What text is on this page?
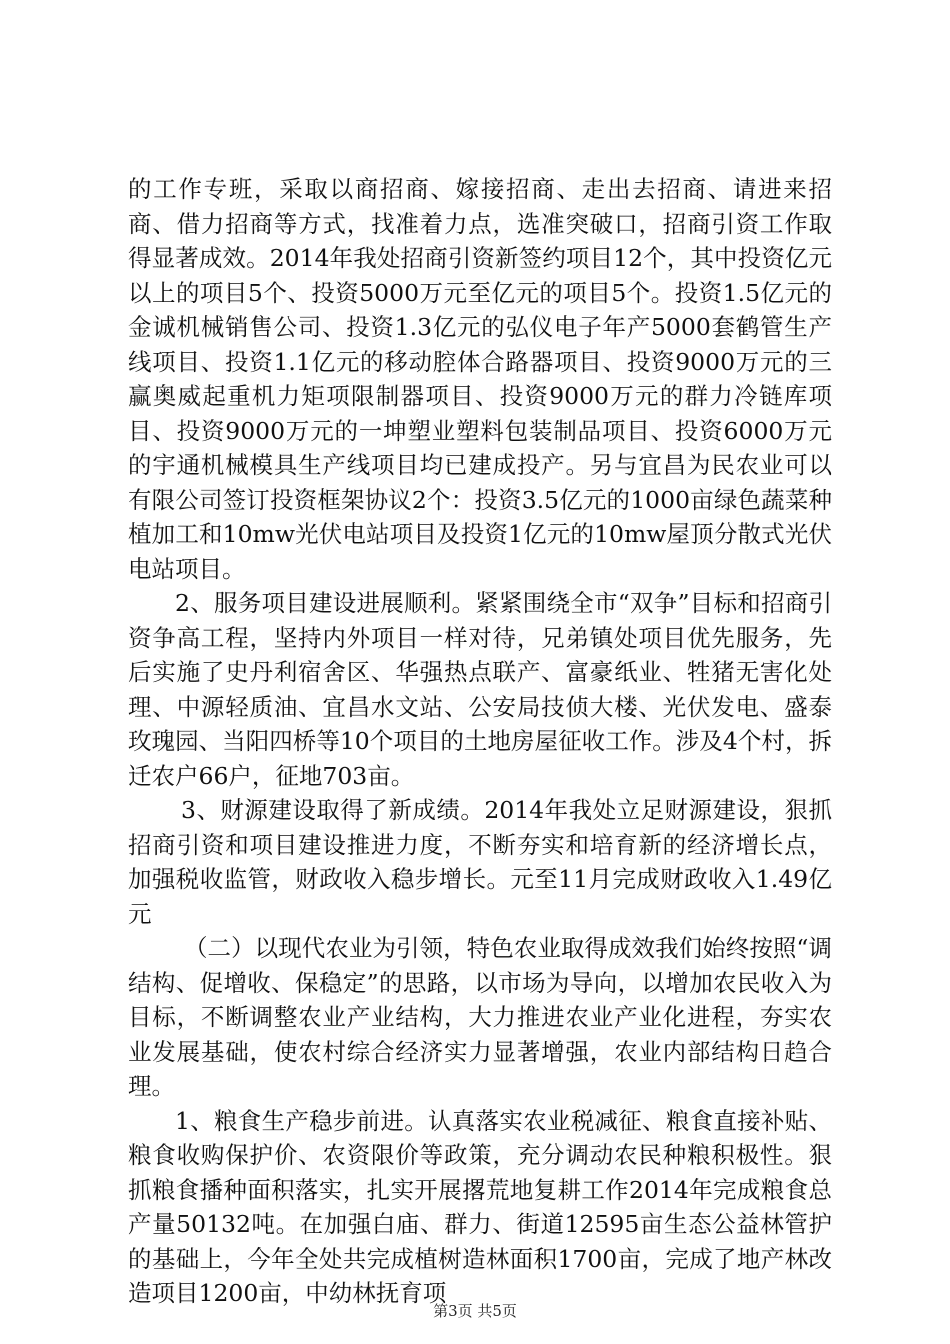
的工作专班，采取以商招商、嫁接招商、走出去招商、请进来招商、借力招商等方式，找准着力点，选准突破口，招商引资工作取得显著成效。2014年我处招商引资新签约项目12个，其中投资亿元以上的项目5个、投资5000万元至亿元的项目5个。投资1.5亿元的金诚机械销售公司、投资1.3亿元的弘仪电子年产5000套鹤管生产线项目、投资1.1亿元的移动腔体合路器项目、投资9000万元的三赢奥威起重机力矩项限制器项目、投资9000万元的群力冷链库项目、投资9000万元的一坤塑业塑料包装制品项目、投资6000万元的宇通机械模具生产线项目均已建成投产。另与宜昌为民农业可以有限公司签订投资框架协议2个：投资3.5亿元的1000亩绿色蔬菜种植加工和10mw光伏电站项目及投资1亿元的10mw屋顶分散式光伏电站项目。

2、服务项目建设进展顺利。紧紧围绕全市“双争”目标和招商引资争高工程，坚持内外项目一样对待，兄弟镇处项目优先服务，先后实施了史丹利宿舍区、华强热点联产、富豪纸业、牲猪无害化处理、中源轻质油、宜昌水文站、公安局技侦大楼、光伏发电、盛泰玫瑰园、当阳四桥等10个项目的土地房屋征收工作。涉及4个村，拆迁农户66户，征地703亩。

3、财源建设取得了新成绩。2014年我处立足财源建设，狠抓招商引资和项目建设推进力度，不断夯实和培育新的经济增长点，加强税收监管，财政收入稳步增长。元至11月完成财政收入1.49亿元

（二）以现代农业为引领，特色农业取得成效我们始终按照“调结构、促增收、保稳定”的思路，以市场为导向，以增加农民收入为目标，不断调整农业产业结构，大力推进农业产业化进程，夯实农业发展基础，使农村综合经济实力显著增强，农业内部结构日趋合理。

1、粮食生产稳步前进。认真落实农业税减征、粮食直接补贴、粮食收购保护价、农资限价等政策，充分调动农民种粮积极性。狠抓粮食播种面积落实，扎实开展撂荒地复耕工作2014年完成粮食总产量50132吨。在加强白庙、群力、街道12595亩生态公益林管护的基础上，今年全处共完成植树造林面积1700亩，完成了地产林改造项目1200亩，中幼林抚育项

第3页 共5页
